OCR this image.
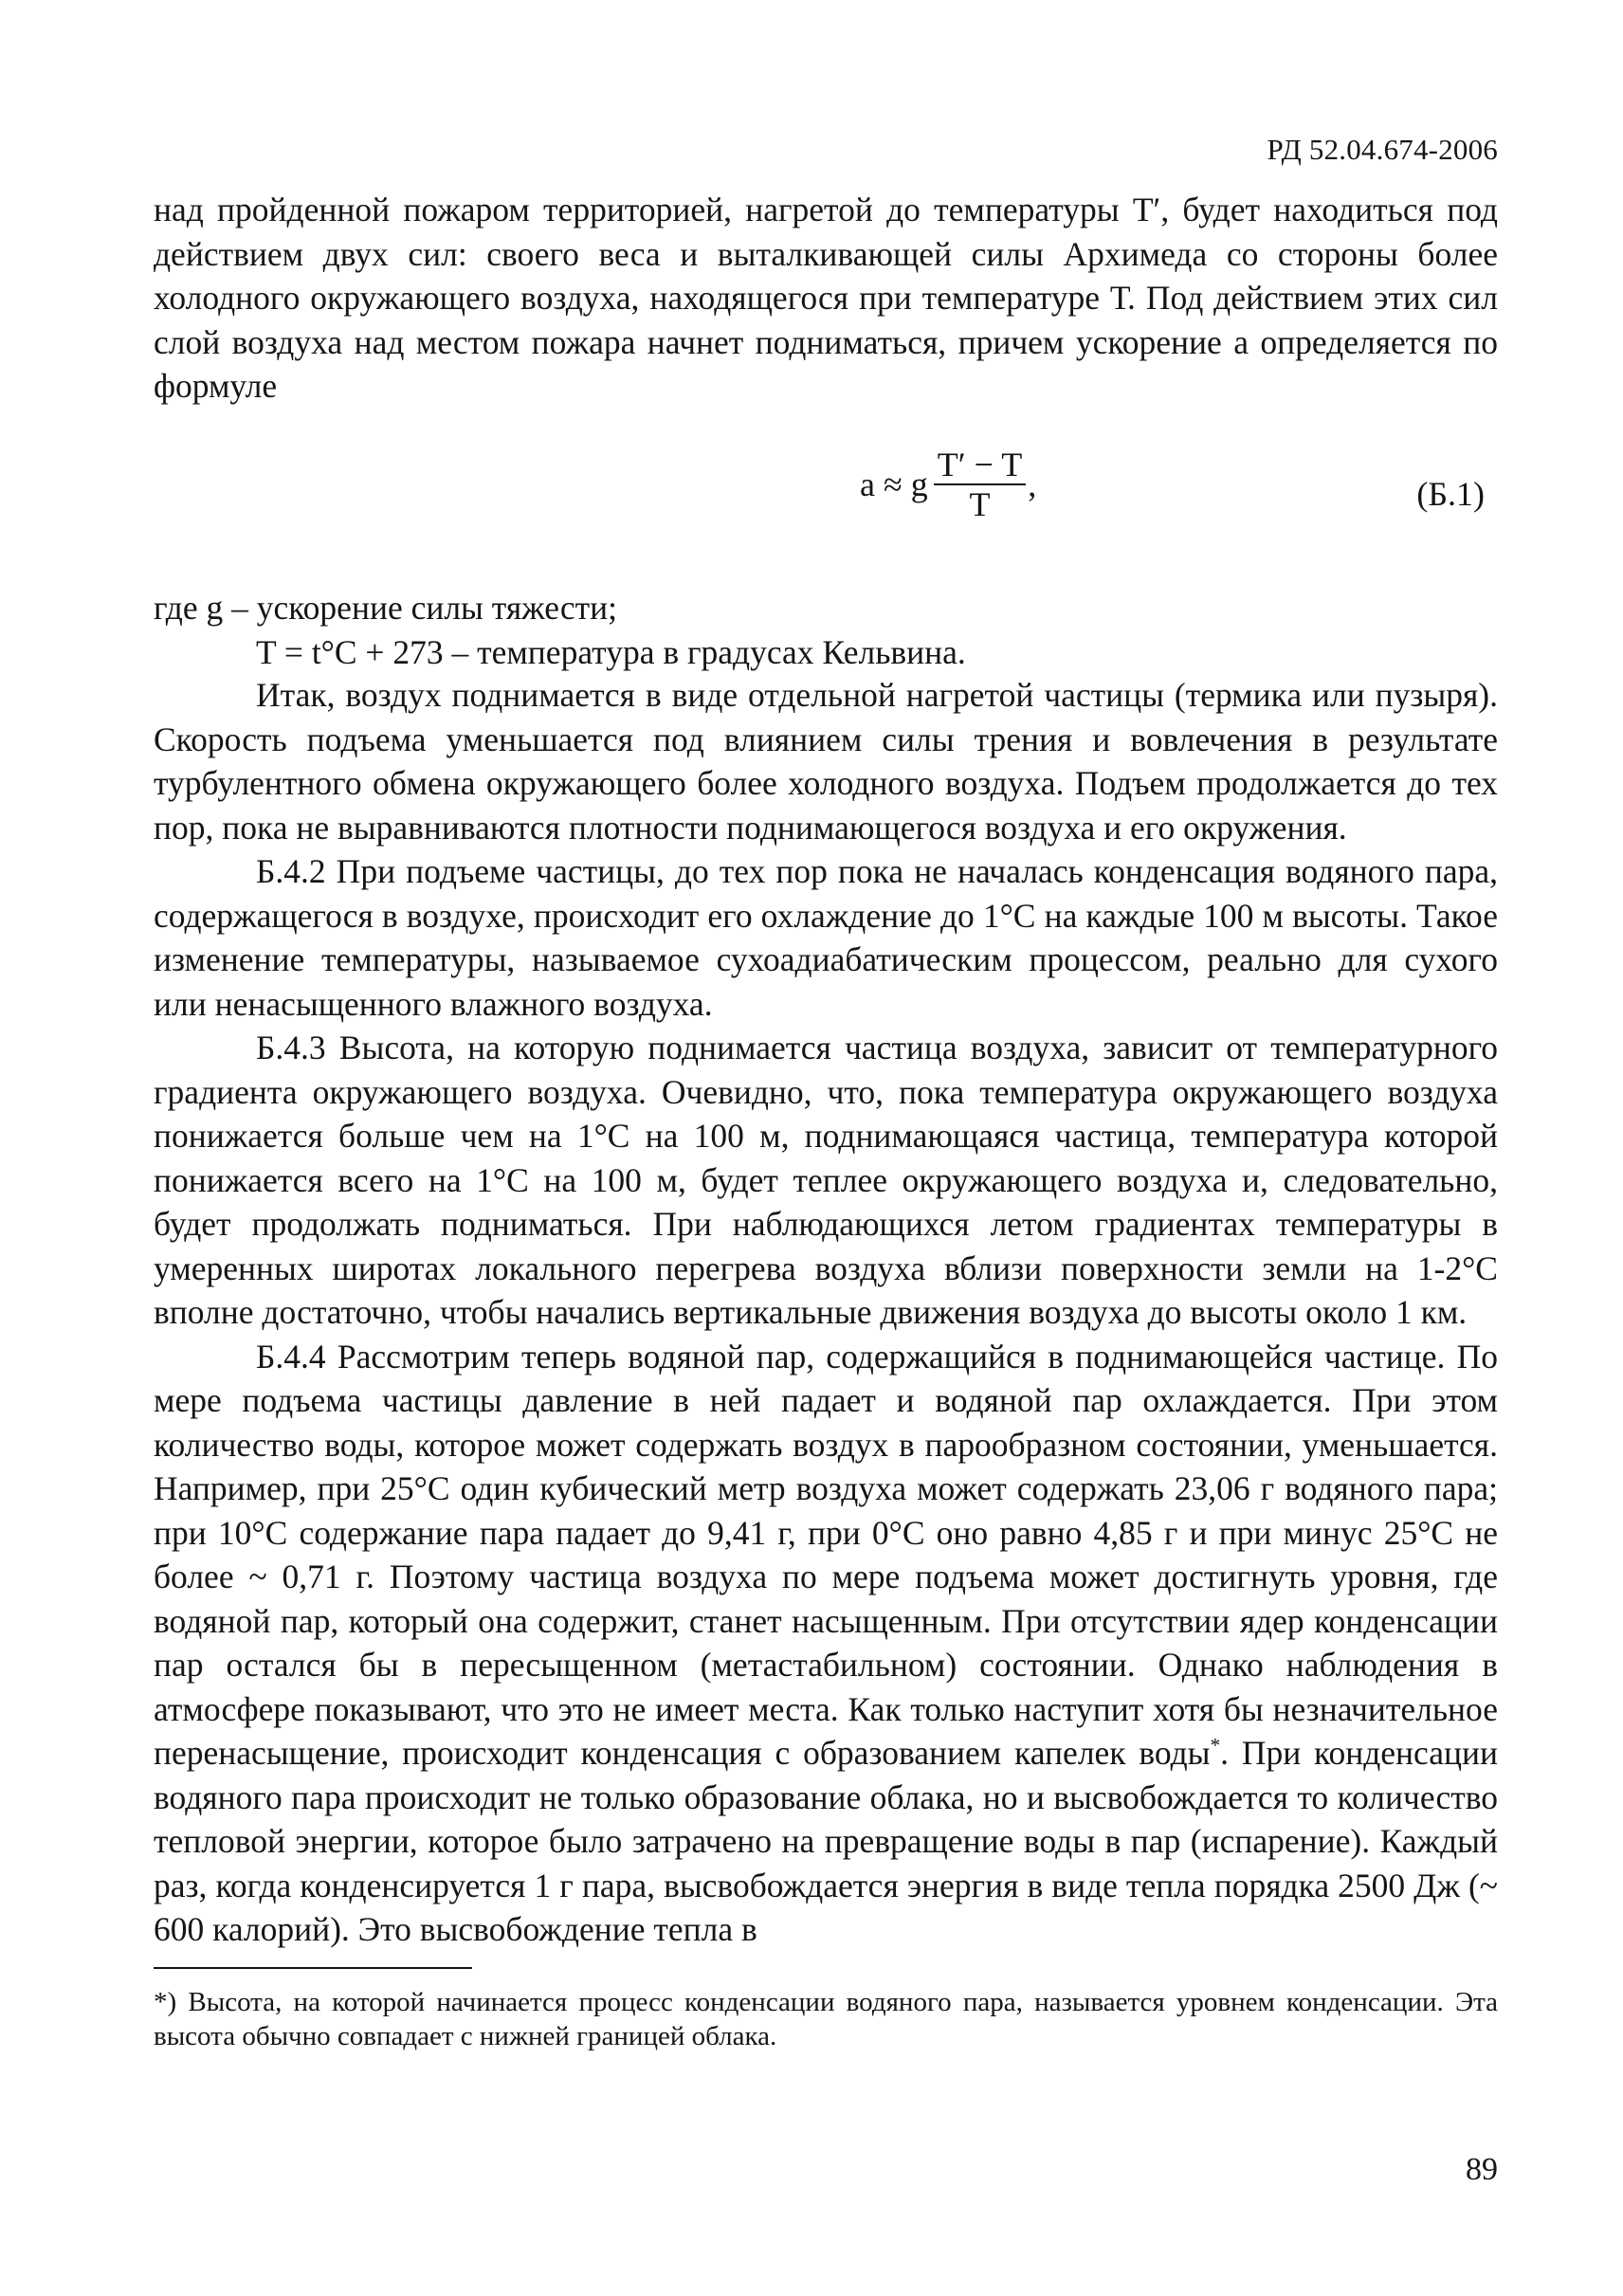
РД 52.04.674-2006

над пройденной пожаром территорией, нагретой до температуры Т′, будет находиться под действием двух сил: своего веса и выталкивающей силы Архимеда со стороны более холодного окружающего воздуха, находящегося при температуре Т. Под действием этих сил слой воздуха над местом пожара начнет подниматься, причем ускорение а определяется по формуле

a ≈ g $\frac{T' - T}{T}$ ,	(Б.1)

где g – ускорение силы тяжести;

T = t°C + 273 – температура в градусах Кельвина.

Итак, воздух поднимается в виде отдельной нагретой частицы (термика или пузыря). Скорость подъема уменьшается под влиянием силы трения и вовлечения в результате турбулентного обмена окружающего более холодного воздуха. Подъем продолжается до тех пор, пока не выравниваются плотности поднимающегося воздуха и его окружения.

Б.4.2 При подъеме частицы, до тех пор пока не началась конденсация водяного пара, содержащегося в воздухе, происходит его охлаждение до 1°С на каждые 100 м высоты. Такое изменение температуры, называемое сухоадиабатическим процессом, реально для сухого или ненасыщенного влажного воздуха.

Б.4.3 Высота, на которую поднимается частица воздуха, зависит от температурного градиента окружающего воздуха. Очевидно, что, пока температура окружающего воздуха понижается больше чем на 1°С на 100 м, поднимающаяся частица, температура которой понижается всего на 1°С на 100 м, будет теплее окружающего воздуха и, следовательно, будет продолжать подниматься. При наблюдающихся летом градиентах температуры в умеренных широтах локального перегрева воздуха вблизи поверхности земли на 1-2°С вполне достаточно, чтобы начались вертикальные движения воздуха до высоты около 1 км.

Б.4.4 Рассмотрим теперь водяной пар, содержащийся в поднимающейся частице. По мере подъема частицы давление в ней падает и водяной пар охлаждается. При этом количество воды, которое может содержать воздух в парообразном состоянии, уменьшается. Например, при 25°С один кубический метр воздуха может содержать 23,06 г водяного пара; при 10°С содержание пара падает до 9,41 г, при 0°С оно равно 4,85 г и при минус 25°С не более ~ 0,71 г. Поэтому частица воздуха по мере подъема может достигнуть уровня, где водяной пар, который она содержит, станет насыщенным. При отсутствии ядер конденсации пар остался бы в пересыщенном (метастабильном) состоянии. Однако наблюдения в атмосфере показывают, что это не имеет места. Как только наступит хотя бы незначительное перенасыщение, происходит конденсация с образованием капелек воды*. При конденсации водяного пара происходит не только образование облака, но и высвобождается то количество тепловой энергии, которое было затрачено на превращение воды в пар (испарение). Каждый раз, когда конденсируется 1 г пара, высвобождается энергия в виде тепла порядка 2500 Дж (~ 600 калорий). Это высвобождение тепла в

*) Высота, на которой начинается процесс конденсации водяного пара, называется уровнем конденсации. Эта высота обычно совпадает с нижней границей облака.

89
